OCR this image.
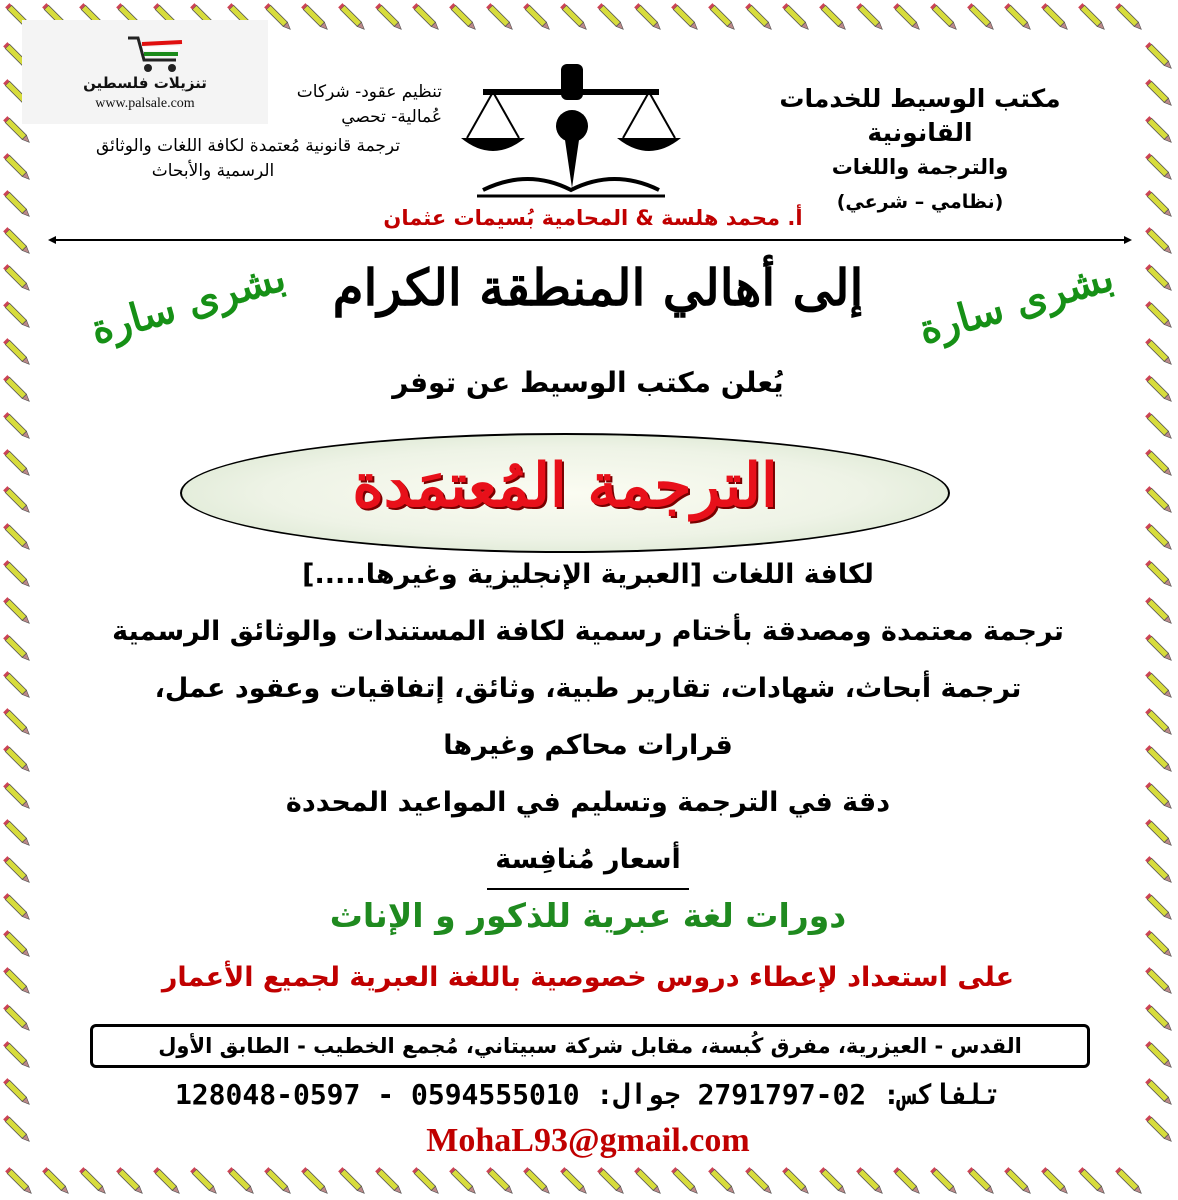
تنزيلات فلسطين
www.palsale.com	مكتب الوسيط للخدمات القانونية
والترجمة واللغات
(نظامي – شرعي)
تنظيم عقود- شركات
عُمالية- تحصي
ترجمة قانونية مُعتمدة لكافة اللغات والوثائق
الرسمية والأبحاث
أ. محمد هلسة & المحامية بُسيمات عثمان
بشرى سارة
إلى أهالي المنطقة الكرام
بشرى سارة
يُعلن مكتب الوسيط عن توفر
الترجمة المُعتمَدة
لكافة اللغات [العبرية الإنجليزية وغيرها.....]
ترجمة معتمدة ومصدقة بأختام رسمية لكافة المستندات والوثائق الرسمية
ترجمة أبحاث، شهادات، تقارير طبية، وثائق، إتفاقيات وعقود عمل،
قرارات محاكم وغيرها
دقة في الترجمة وتسليم في المواعيد المحددة
أسعار مُنافِسة
دورات لغة عبرية للذكور و الإناث
على استعداد لإعطاء دروس خصوصية باللغة العبرية لجميع الأعمار
القدس - العيزرية، مفرق كُبسة، مقابل شركة سبيتاني، مُجمع الخطيب - الطابق الأول
تلفاكس: 02-2791797 جوال: 0594555010 - 0597-128048
MohaL93@gmail.com
